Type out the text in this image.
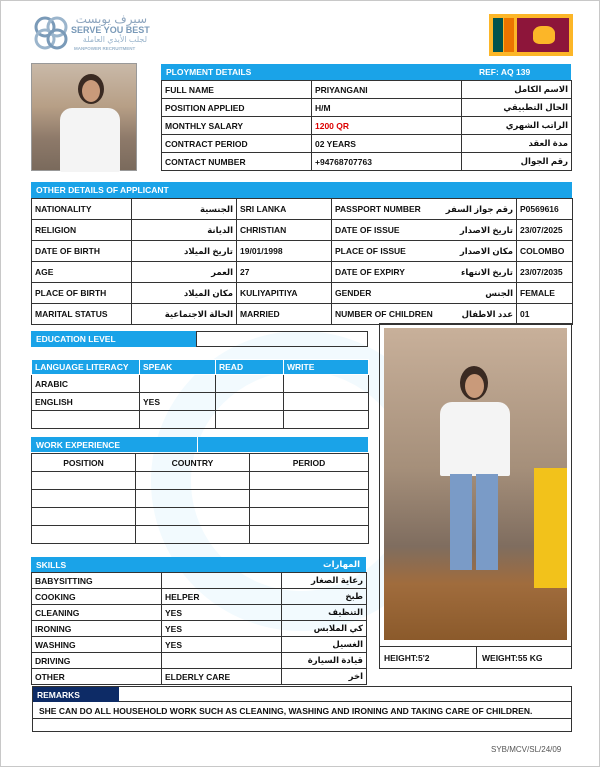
سيرف يوبست
SERVE YOU BEST
لجلب الأيدي العاملة
MANPOWER RECRUITMENT
PLOYMENT DETAILS	REF: AQ 139
FULL NAME	PRIYANGANI	الاسم الكامل
POSITION APPLIED	H/M	الحال التطبيقي
MONTHLY SALARY	1200 QR	الراتب الشهري
CONTRACT PERIOD	02 YEARS	مدة العقد
CONTACT NUMBER	+94768707763	رقم الجوال
OTHER DETAILS OF APPLICANT
NATIONALITY	الجنسية	SRI LANKA	PASSPORT NUMBER	رقم جواز السفر	P0569616
RELIGION	الديانة	CHRISTIAN	DATE OF ISSUE	تاريخ الاصدار	23/07/2025
DATE OF BIRTH	تاريخ الميلاد	19/01/1998	PLACE OF ISSUE	مكان الاصدار	COLOMBO
AGE	العمر	27	DATE OF EXPIRY	تاريخ الانتهاء	23/07/2035
PLACE OF BIRTH	مكان الميلاد	KULIYAPITIYA	GENDER	الجنس	FEMALE
MARITAL STATUS	الحالة الاجتماعية	MARRIED	NUMBER OF CHILDREN	عدد الاطفال	01
EDUCATION LEVEL
LANGUAGE LITERACY	SPEAK	READ	WRITE
ARABIC			
ENGLISH	YES		

WORK EXPERIENCE
POSITION	COUNTRY	PERIOD

SKILLS	المهارات
BABYSITTING		رعاية الصغار
COOKING	HELPER	طبخ
CLEANING	YES	التنظيف
IRONING	YES	كي الملابس
WASHING	YES	الغسيل
DRIVING		قيادة السيارة
OTHER	ELDERLY CARE	اخر
HEIGHT:5'2	WEIGHT:55 KG
REMARKS
SHE CAN DO ALL HOUSEHOLD WORK SUCH AS CLEANING, WASHING AND IRONING AND TAKING CARE OF CHILDREN.
SYB/MCV/SL/24/09
